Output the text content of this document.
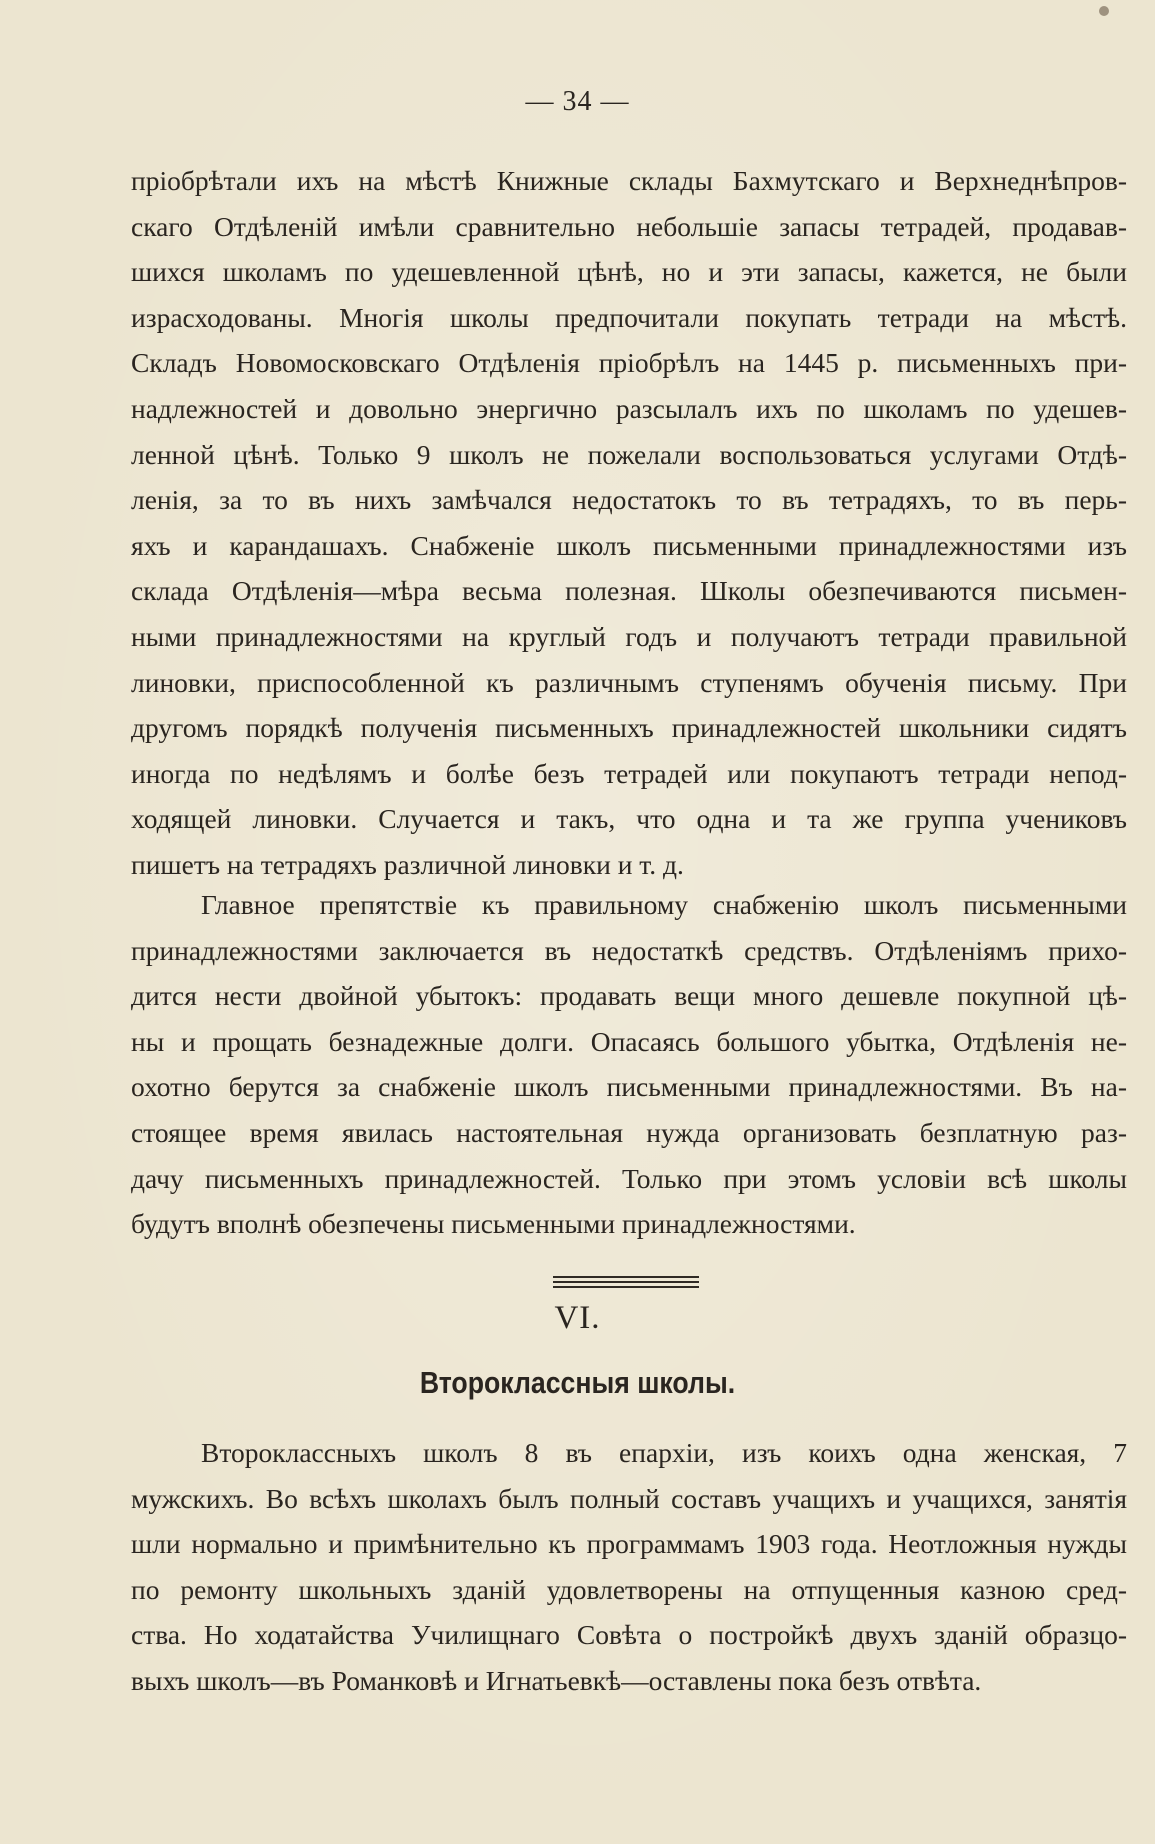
— 34 —
пріобрѣтали ихъ на мѣстѣ Книжные склады Бахмутскаго и Верхнеднѣпров-
скаго Отдѣленій имѣли сравнительно небольшіе запасы тетрадей, продавав-
шихся школамъ по удешевленной цѣнѣ, но и эти запасы, кажется, не были
израсходованы. Многія школы предпочитали покупать тетради на мѣстѣ.
Складъ Новомосковскаго Отдѣленія пріобрѣлъ на 1445 р. письменныхъ при-
надлежностей и довольно энергично разсылалъ ихъ по школамъ по удешев-
ленной цѣнѣ. Только 9 школъ не пожелали воспользоваться услугами Отдѣ-
ленія, за то въ нихъ замѣчался недостатокъ то въ тетрадяхъ, то въ перь-
яхъ и карандашахъ. Снабженіе школъ письменными принадлежностями изъ
склада Отдѣленія—мѣра весьма полезная. Школы обезпечиваются письмен-
ными принадлежностями на круглый годъ и получаютъ тетради правильной
линовки, приспособленной къ различнымъ ступенямъ обученія письму. При
другомъ порядкѣ полученія письменныхъ принадлежностей школьники сидятъ
иногда по недѣлямъ и болѣе безъ тетрадей или покупаютъ тетради непод-
ходящей линовки. Случается и такъ, что одна и та же группа учениковъ
пишетъ на тетрадяхъ различной линовки и т. д.
Главное препятствіе къ правильному снабженію школъ письменными
принадлежностями заключается въ недостаткѣ средствъ. Отдѣленіямъ прихо-
дится нести двойной убытокъ: продавать вещи много дешевле покупной цѣ-
ны и прощать безнадежные долги. Опасаясь большого убытка, Отдѣленія не-
охотно берутся за снабженіе школъ письменными принадлежностями. Въ на-
стоящее время явилась настоятельная нужда организовать безплатную раз-
дачу письменныхъ принадлежностей. Только при этомъ условіи всѣ школы
будутъ вполнѣ обезпечены письменными принадлежностями.
VI.
Второклассныя школы.
Второклассныхъ школъ 8 въ епархіи, изъ коихъ одна женская, 7
мужскихъ. Во всѣхъ школахъ былъ полный составъ учащихъ и учащихся, занятія
шли нормально и примѣнительно къ программамъ 1903 года. Неотложныя нужды
по ремонту школьныхъ зданій удовлетворены на отпущенныя казною сред-
ства. Но ходатайства Училищнаго Совѣта о постройкѣ двухъ зданій образцо-
выхъ школъ—въ Романковѣ и Игнатьевкѣ—оставлены пока безъ отвѣта.
